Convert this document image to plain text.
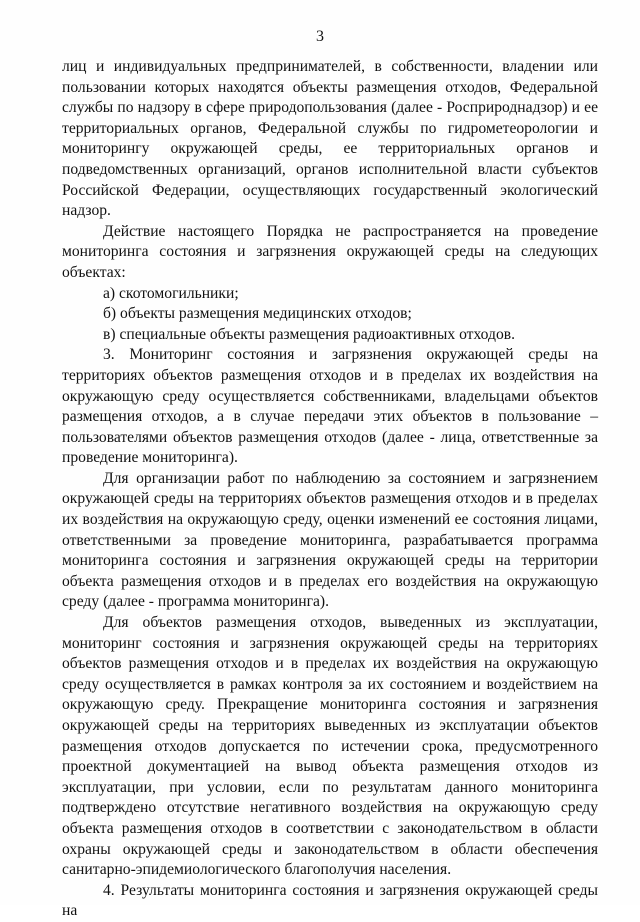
3

лиц и индивидуальных предпринимателей, в собственности, владении или пользовании которых находятся объекты размещения отходов, Федеральной службы по надзору в сфере природопользования (далее - Росприроднадзор) и ее территориальных органов, Федеральной службы по гидрометеорологии и мониторингу окружающей среды, ее территориальных органов и подведомственных организаций, органов исполнительной власти субъектов Российской Федерации, осуществляющих государственный экологический надзор.

Действие настоящего Порядка не распространяется на проведение мониторинга состояния и загрязнения окружающей среды на следующих объектах:

а) скотомогильники;

б) объекты размещения медицинских отходов;

в) специальные объекты размещения радиоактивных отходов.

3. Мониторинг состояния и загрязнения окружающей среды на территориях объектов размещения отходов и в пределах их воздействия на окружающую среду осуществляется собственниками, владельцами объектов размещения отходов, а в случае передачи этих объектов в пользование – пользователями объектов размещения отходов (далее - лица, ответственные за проведение мониторинга).

Для организации работ по наблюдению за состоянием и загрязнением окружающей среды на территориях объектов размещения отходов и в пределах их воздействия на окружающую среду, оценки изменений ее состояния лицами, ответственными за проведение мониторинга, разрабатывается программа мониторинга состояния и загрязнения окружающей среды на территории объекта размещения отходов и в пределах его воздействия на окружающую среду (далее - программа мониторинга).

Для объектов размещения отходов, выведенных из эксплуатации, мониторинг состояния и загрязнения окружающей среды на территориях объектов размещения отходов и в пределах их воздействия на окружающую среду осуществляется в рамках контроля за их состоянием и воздействием на окружающую среду. Прекращение мониторинга состояния и загрязнения окружающей среды на территориях выведенных из эксплуатации объектов размещения отходов допускается по истечении срока, предусмотренного проектной документацией на вывод объекта размещения отходов из эксплуатации, при условии, если по результатам данного мониторинга подтверждено отсутствие негативного воздействия на окружающую среду объекта размещения отходов в соответствии с законодательством в области охраны окружающей среды и законодательством в области обеспечения санитарно-эпидемиологического благополучия населения.

4. Результаты мониторинга состояния и загрязнения окружающей среды на
